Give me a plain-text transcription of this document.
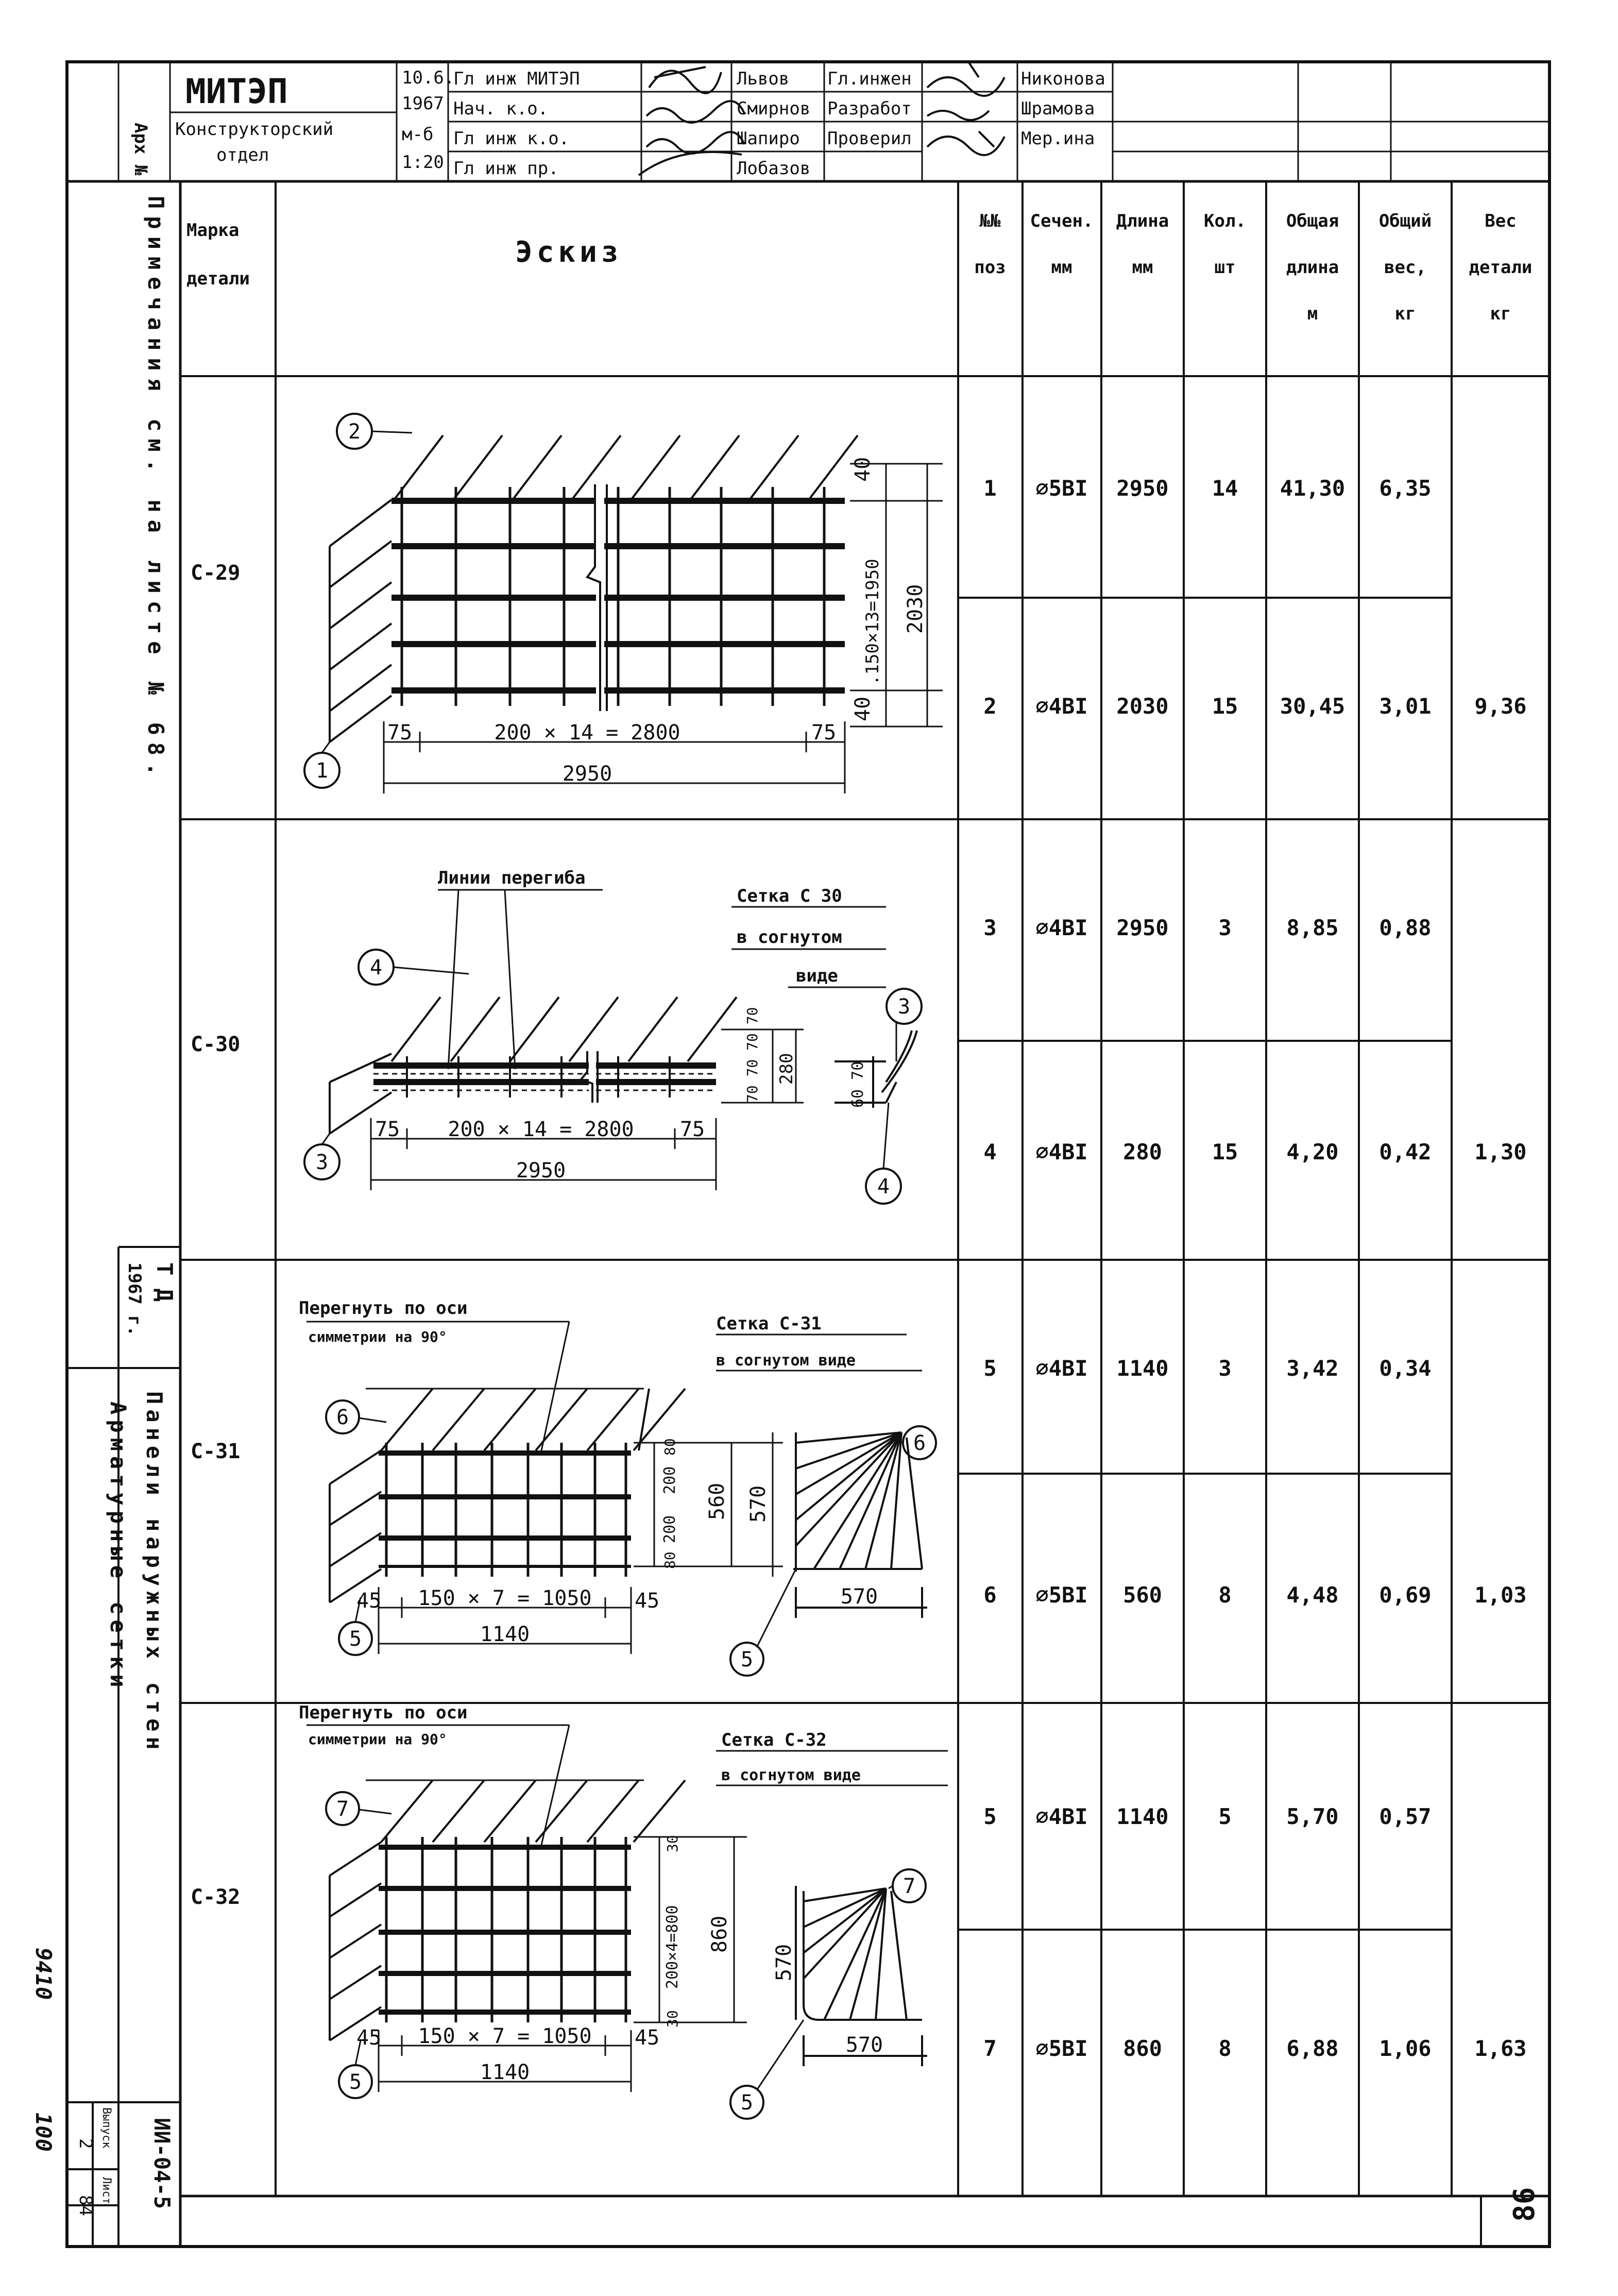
Арх №
МИТЭП
Конструкторский
отдел
10.6.
1967
м-б
1:20
Гл инж МИТЭП
Нач. к.о.
Гл инж к.о.
Гл инж пр.
Львов
Смирнов
Шапиро
Лобазов
Гл.инжен
Разработ
Проверил
Никонова
Шрамова
Мер.ина
Примечания см. на листе № 68.
Т Д
1967 г.
Панели наружных стен
Арматурные сетки
ИИ-04-5
Выпуск
2
Лист
84
9410
100
Марка
детали
Эскиз
№№
поз
Сечен.
мм
Длина
мм
Кол.
шт
Общая
длина
м
Общий
вес,
кг
Вес
детали
кг
С-29
С-30
С-31
С-32
1 ⌀5ВI 2950 14 41,30 6,35
2 ⌀4ВI 2030 15 30,45 3,01 9,36
3 ⌀4ВI 2950 3	8,85 0,88
4 ⌀4ВI 280 15 4,20 0,42 1,30
5 ⌀4ВI 1140 3	3,42 0,34
6 ⌀5ВI 560	8	4,48 0,69 1,03
5 ⌀4ВI 1140 5	5,70 0,57
7 ⌀5ВI 860	8	6,88 1,06 1,63
86
2
1
75	200 × 14 = 2800	75
2950
40
.150×13=1950 2030
40
Линии перегиба
Сетка С 30
в согнутом
виде
4
3
3
4
75 200 × 14 = 2800 75
2950
70 70 70 70 280	60 70
Перегнуть по оси
симметрии на 90°
Сетка С-31
в согнутом виде
6
6
5
5
45 150 × 7 = 1050 45
1140
80
200
200
80
560 570
570
Перегнуть по оси
симметрии на 90°	Сетка С-32
в согнутом виде
7
7
5
5
45 150 × 7 = 1050 45
1140
30
200×4=800
30
860
570
570
